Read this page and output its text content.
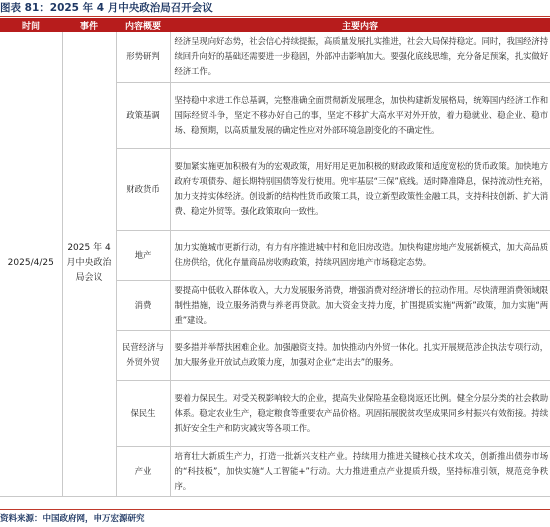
图表 81：2025 年 4 月中央政治局召开会议
时间	事件	内容概要	主要内容
2025/4/25	2025 年 4 月中央政治局会议	形势研判	经济呈现向好态势，社会信心持续提振，高质量发展扎实推进，社会大局保持稳定。同时，我国经济持续回升向好的基础还需要进一步稳固，外部冲击影响加大。要强化底线思维，充分备足预案，扎实做好经济工作。
		政策基调	坚持稳中求进工作总基调，完整准确全面贯彻新发展理念，加快构建新发展格局，统筹国内经济工作和国际经贸斗争，坚定不移办好自己的事，坚定不移扩大高水平对外开放，着力稳就业、稳企业、稳市场、稳预期，以高质量发展的确定性应对外部环境急剧变化的不确定性。
		财政货币	要加紧实施更加积极有为的宏观政策，用好用足更加积极的财政政策和适度宽松的货币政策。加快地方政府专项债券、超长期特别国债等发行使用。兜牢基层“三保”底线。适时降准降息，保持流动性充裕，加力支持实体经济。创设新的结构性货币政策工具，设立新型政策性金融工具，支持科技创新、扩大消费、稳定外贸等。强化政策取向一致性。
		地产	加力实施城市更新行动，有力有序推进城中村和危旧房改造。加快构建房地产发展新模式，加大高品质住房供给，优化存量商品房收购政策，持续巩固房地产市场稳定态势。
		消费	要提高中低收入群体收入，大力发展服务消费，增强消费对经济增长的拉动作用。尽快清理消费领域限制性措施，设立服务消费与养老再贷款。加大资金支持力度，扩围提质实施“两新”政策，加力实施“两重”建设。
		民营经济与外贸外贸	要多措并举帮扶困难企业。加强融资支持。加快推动内外贸一体化。扎实开展规范涉企执法专项行动，加大服务业开放试点政策力度，加强对企业“走出去”的服务。
		保民生	要着力保民生。对受关税影响较大的企业，提高失业保险基金稳岗返还比例。健全分层分类的社会救助体系。稳定农业生产，稳定粮食等重要农产品价格。巩固拓展脱贫攻坚成果同乡村振兴有效衔接。持续抓好安全生产和防灾减灾等各项工作。
		产业	培育壮大新质生产力，打造一批新兴支柱产业。持续用力推进关键核心技术攻关，创新推出债券市场的“科技板”，加快实施“人工智能+”行动。大力推进重点产业提质升级，坚持标准引领，规范竞争秩序。
资料来源：中国政府网，申万宏源研究
